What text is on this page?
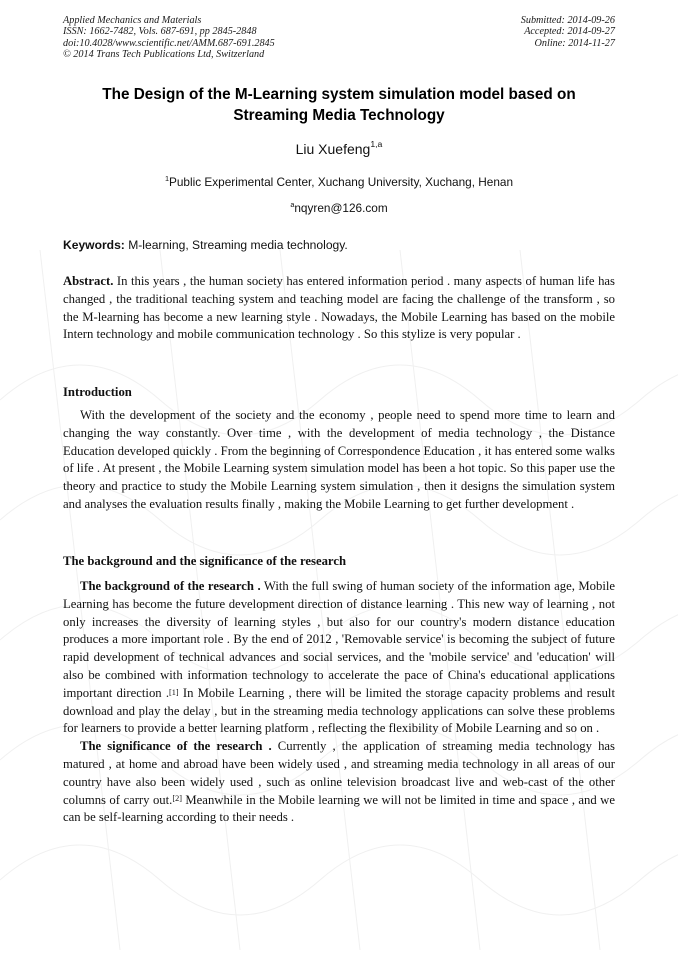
Applied Mechanics and Materials
ISSN: 1662-7482, Vols. 687-691, pp 2845-2848
doi:10.4028/www.scientific.net/AMM.687-691.2845
© 2014 Trans Tech Publications Ltd, Switzerland
Submitted: 2014-09-26
Accepted: 2014-09-27
Online: 2014-11-27
The Design of the M-Learning system simulation model based on
Streaming Media Technology
Liu Xuefeng$^{1,a}$
$^1$Public Experimental Center, Xuchang University, Xuchang, Henan
$^a$nqyren@126.com
Keywords: M-learning, Streaming media technology.
Abstract. In this years , the human society has entered information period . many aspects of human life has changed , the traditional teaching system and teaching model are facing the challenge of the transform , so the M-learning has become a new learning style . Nowadays, the Mobile Learning has based on the mobile Intern technology and mobile communication technology . So this stylize is very popular .
Introduction
With the development of the society and the economy , people need to spend more time to learn and changing the way constantly. Over time , with the development of media technology , the Distance Education developed quickly . From the beginning of Correspondence Education , it has entered some walks of life . At present , the Mobile Learning system simulation model has been a hot topic. So this paper use the theory and practice to study the Mobile Learning system simulation , then it designs the simulation system and analyses the evaluation results finally , making the Mobile Learning to get further development .
The background and the significance of the research
The background of the research . With the full swing of human society of the information age, Mobile Learning has become the future development direction of distance learning . This new way of learning , not only increases the diversity of learning styles , but also for our country's modern distance education produces a more important role . By the end of 2012 , 'Removable service' is becoming the subject of future rapid development of technical advances and social services, and the 'mobile service' and 'education' will also be combined with information technology to accelerate the pace of China's educational applications important direction .[1] In Mobile Learning , there will be limited the storage capacity problems and result download and play the delay , but in the streaming media technology applications can solve these problems for learners to provide a better learning platform , reflecting the flexibility of Mobile Learning and so on .
The significance of the research . Currently , the application of streaming media technology has matured , at home and abroad have been widely used , and streaming media technology in all areas of our country have also been widely used , such as online television broadcast live and web-cast of the other columns of carry out.[2] Meanwhile in the Mobile learning we will not be limited in time and space , and we can be self-learning according to their needs .
